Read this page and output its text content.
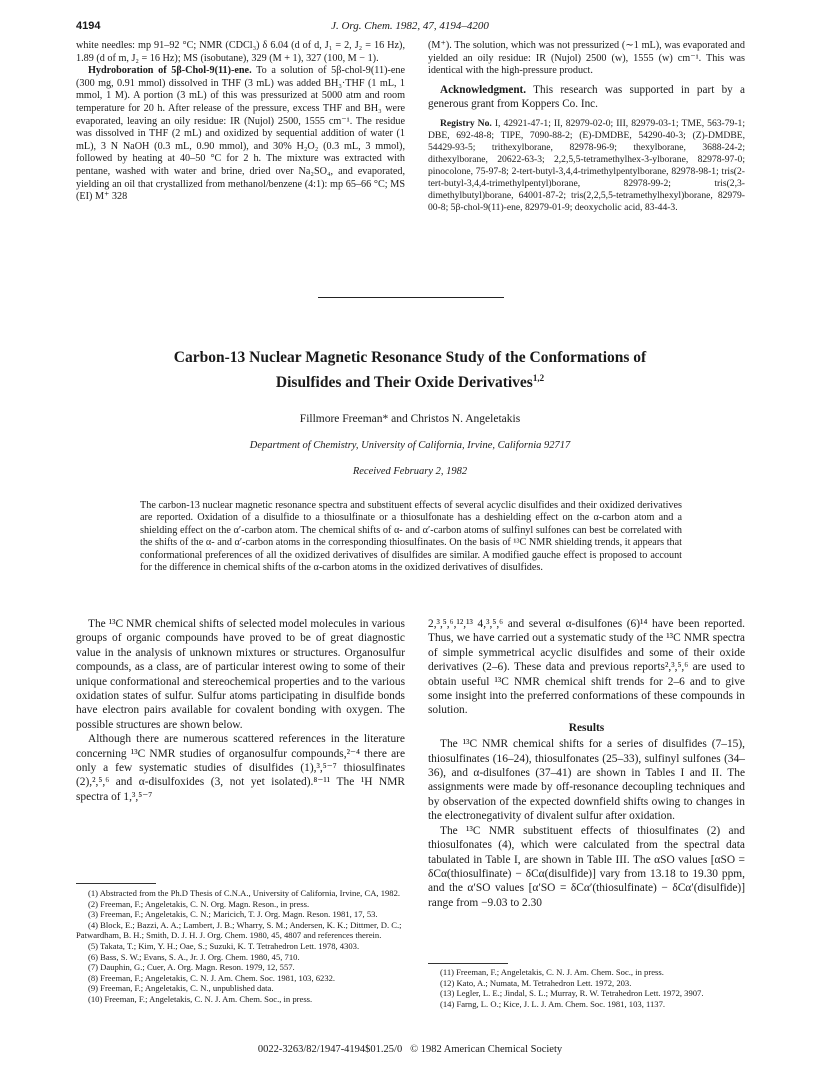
4194	J. Org. Chem. 1982, 47, 4194–4200

white needles: mp 91–92 °C; NMR (CDCl₃) δ 6.04 (d of d, J₁ = 2, J₂ = 16 Hz), 1.89 (d of m, J₂ = 16 Hz); MS (isobutane), 329 (M + 1), 327 (100, M − 1).

Hydroboration of 5β-Chol-9(11)-ene. To a solution of 5β-chol-9(11)-ene (300 mg, 0.91 mmol) dissolved in THF (3 mL) was added BH₃·THF (1 mL, 1 mmol, 1 M). A portion (3 mL) of this was pressurized at 5000 atm and room temperature for 20 h. After release of the pressure, excess THF and BH₃ were evaporated, leaving an oily residue: IR (Nujol) 2500, 1555 cm⁻¹. The residue was dissolved in THF (2 mL) and oxidized by sequential addition of water (1 mL), 3 N NaOH (0.3 mL, 0.90 mmol), and 30% H₂O₂ (0.3 mL, 3 mmol), followed by heating at 40–50 °C for 2 h. The mixture was extracted with pentane, washed with water and brine, dried over Na₂SO₄, and evaporated, yielding an oil that crystallized from methanol/benzene (4:1): mp 65–66 °C; MS (EI) M⁺ 328

(M⁺). The solution, which was not pressurized (∼1 mL), was evaporated and yielded an oily residue: IR (Nujol) 2500 (w), 1555 (w) cm⁻¹. This was identical with the high-pressure product.

Acknowledgment. This research was supported in part by a generous grant from Koppers Co. Inc.

Registry No. I, 42921-47-1; II, 82979-02-0; III, 82979-03-1; TME, 563-79-1; DBE, 692-48-8; TIPE, 7090-88-2; (E)-DMDBE, 54290-40-3; (Z)-DMDBE, 54429-93-5; trithexylborane, 82978-96-9; thexylborane, 3688-24-2; dithexylborane, 20622-63-3; 2,2,5,5-tetramethylhex-3-ylborane, 82978-97-0; pinocolone, 75-97-8; 2-tert-butyl-3,4,4-trimethylpentylborane, 82978-98-1; tris(2-tert-butyl-3,4,4-trimethylpentyl)borane, 82978-99-2; tris(2,3-dimethylbutyl)borane, 64001-87-2; tris(2,2,5,5-tetramethylhexyl)borane, 82979-00-8; 5β-chol-9(11)-ene, 82979-01-9; deoxycholic acid, 83-44-3.

Carbon-13 Nuclear Magnetic Resonance Study of the Conformations of
Disulfides and Their Oxide Derivatives$^{1,2}$
Fillmore Freeman* and Christos N. Angeletakis
Department of Chemistry, University of California, Irvine, California 92717
Received February 2, 1982
The carbon-13 nuclear magnetic resonance spectra and substituent effects of several acyclic disulfides and their oxidized derivatives are reported. Oxidation of a disulfide to a thiosulfinate or a thiosulfonate has a deshielding effect on the α-carbon atom and a shielding effect on the α′-carbon atom. The chemical shifts of α- and α′-carbon atoms of sulfinyl sulfones can best be correlated with the shifts of the α- and α′-carbon atoms in the corresponding thiosulfinates. On the basis of ¹³C NMR shielding trends, it appears that conformational preferences of all the oxidized derivatives of disulfides are similar. A modified gauche effect is proposed to account for the difference in chemical shifts of the α-carbon atoms in the oxidized derivatives of disulfides.

The ¹³C NMR chemical shifts of selected model molecules in various groups of organic compounds have proved to be of great diagnostic value in the analysis of unknown mixtures or structures. Organosulfur compounds, as a class, are of particular interest owing to some of their unique conformational and stereochemical properties and to the various oxidation states of sulfur. Sulfur atoms participating in disulfide bonds have electron pairs available for covalent bonding with oxygen. The possible structures are shown below.

Although there are numerous scattered references in the literature concerning ¹³C NMR studies of organosulfur compounds,²⁻⁴ there are only a few systematic studies of disulfides (1),³,⁵⁻⁷ thiosulfinates (2),²,⁵,⁶ and α-disulfoxides (3, not yet isolated).⁸⁻¹¹ The ¹H NMR spectra of 1,³,⁵⁻⁷

(1) Abstracted from the Ph.D Thesis of C.N.A., University of California, Irvine, CA, 1982.

(2) Freeman, F.; Angeletakis, C. N. Org. Magn. Reson., in press.

(3) Freeman, F.; Angeletakis, C. N.; Maricich, T. J. Org. Magn. Reson. 1981, 17, 53.

(4) Block, E.; Bazzi, A. A.; Lambert, J. B.; Wharry, S. M.; Andersen, K. K.; Dittmer, D. C.; Patwardham, B. H.; Smith, D. J. H. J. Org. Chem. 1980, 45, 4807 and references therein.

(5) Takata, T.; Kim, Y. H.; Oae, S.; Suzuki, K. T. Tetrahedron Lett. 1978, 4303.

(6) Bass, S. W.; Evans, S. A., Jr. J. Org. Chem. 1980, 45, 710.

(7) Dauphin, G.; Cuer, A. Org. Magn. Reson. 1979, 12, 557.

(8) Freeman, F.; Angeletakis, C. N. J. Am. Chem. Soc. 1981, 103, 6232.

(9) Freeman, F.; Angeletakis, C. N., unpublished data.

(10) Freeman, F.; Angeletakis, C. N. J. Am. Chem. Soc., in press.

2,³,⁵,⁶,¹²,¹³ 4,³,⁵,⁶ and several α-disulfones (6)¹⁴ have been reported. Thus, we have carried out a systematic study of the ¹³C NMR spectra of simple symmetrical acyclic disulfides and some of their oxide derivatives (2–6). These data and previous reports²,³,⁵,⁶ are used to obtain useful ¹³C NMR chemical shift trends for 2–6 and to give some insight into the preferred conformations of these compounds in solution.

Results

The ¹³C NMR chemical shifts for a series of disulfides (7–15), thiosulfinates (16–24), thiosulfonates (25–33), sulfinyl sulfones (34–36), and α-disulfones (37–41) are shown in Tables I and II. The assignments were made by off-resonance decoupling techniques and by observation of the expected downfield shifts owing to changes in the electronegativity of divalent sulfur after oxidation.

The ¹³C NMR substituent effects of thiosulfinates (2) and thiosulfonates (4), which were calculated from the spectral data tabulated in Table I, are shown in Table III. The αSO values [αSO = δCα(thiosulfinate) − δCα(disulfide)] vary from 13.18 to 19.30 ppm, and the α′SO values [α′SO = δCα′(thiosulfinate) − δCα′(disulfide)] range from −9.03 to 2.30

(11) Freeman, F.; Angeletakis, C. N. J. Am. Chem. Soc., in press.

(12) Kato, A.; Numata, M. Tetrahedron Lett. 1972, 203.

(13) Legler, L. E.; Jindal, S. L.; Murray, R. W. Tetrahedron Lett. 1972, 3907.

(14) Farng, L. O.; Kice, J. L. J. Am. Chem. Soc. 1981, 103, 1137.

0022-3263/82/1947-4194$01.25/0   © 1982 American Chemical Society
